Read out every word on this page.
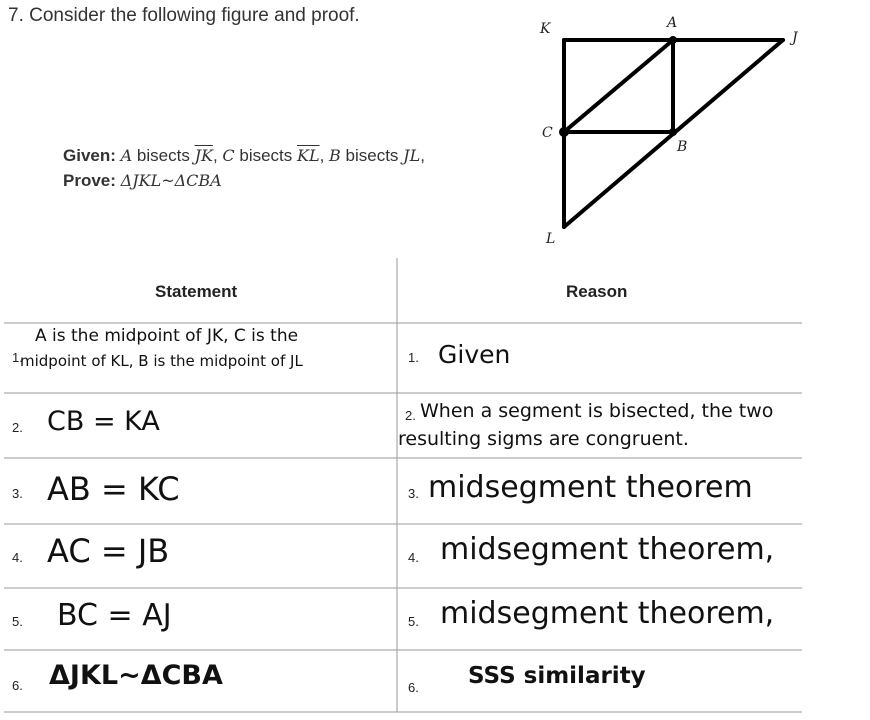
7. Consider the following figure and proof.
Given: A bisects $\overline{JK}$, C bisects $\overline{KL}$, B bisects JL,
Prove: ΔJKL~ΔCBA
K	A
J
C
B
L
Statement	Reason
1.
A is the midpoint of JK, C is the
midpoint of KL, B is the midpoint of JL	1. Given
2. CB = KA	2. When a segment is bisected, the two
resulting sigms are congruent.
3. AB = KC	3. midsegment theorem
4. AC = JB	4. midsegment theorem,
5. BC = AJ	5. midsegment theorem,
6. ΔJKL~ΔCBA	6. SSS similarity
